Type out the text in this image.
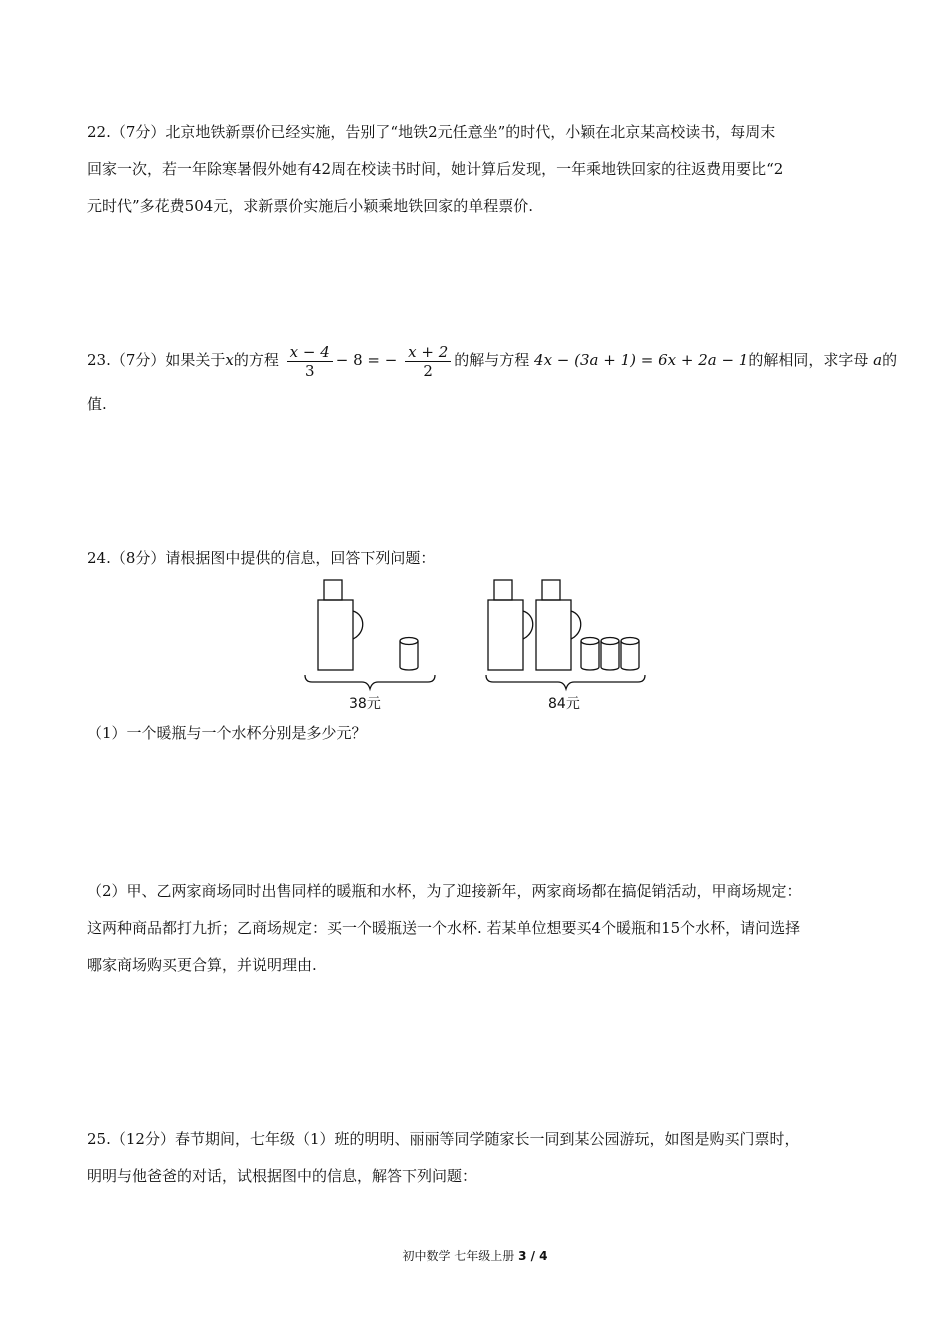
22.（7分）北京地铁新票价已经实施，告别了“地铁2元任意坐”的时代，小颖在北京某高校读书，每周末
回家一次，若一年除寒暑假外她有42周在校读书时间，她计算后发现，一年乘地铁回家的往返费用要比“2
元时代”多花费504元，求新票价实施后小颖乘地铁回家的单程票价.
23.（7分）如果关于x的方程 $\frac{x - 4}{3} - 8$ = − $\frac{x + 2}{2}$ 的解与方程 4x − (3a + 1) = 6x + 2a − 1的解相同，求字母 a的
值.
24.（8分）请根据图中提供的信息，回答下列问题：
38元	84元
（1）一个暖瓶与一个水杯分别是多少元？
（2）甲、乙两家商场同时出售同样的暖瓶和水杯，为了迎接新年，两家商场都在搞促销活动，甲商场规定：
这两种商品都打九折；乙商场规定：买一个暖瓶送一个水杯. 若某单位想要买4个暖瓶和15个水杯，请问选择
哪家商场购买更合算，并说明理由.
25.（12分）春节期间，七年级（1）班的明明、丽丽等同学随家长一同到某公园游玩，如图是购买门票时，
明明与他爸爸的对话，试根据图中的信息，解答下列问题：
初中数学 七年级上册 3 / 4
